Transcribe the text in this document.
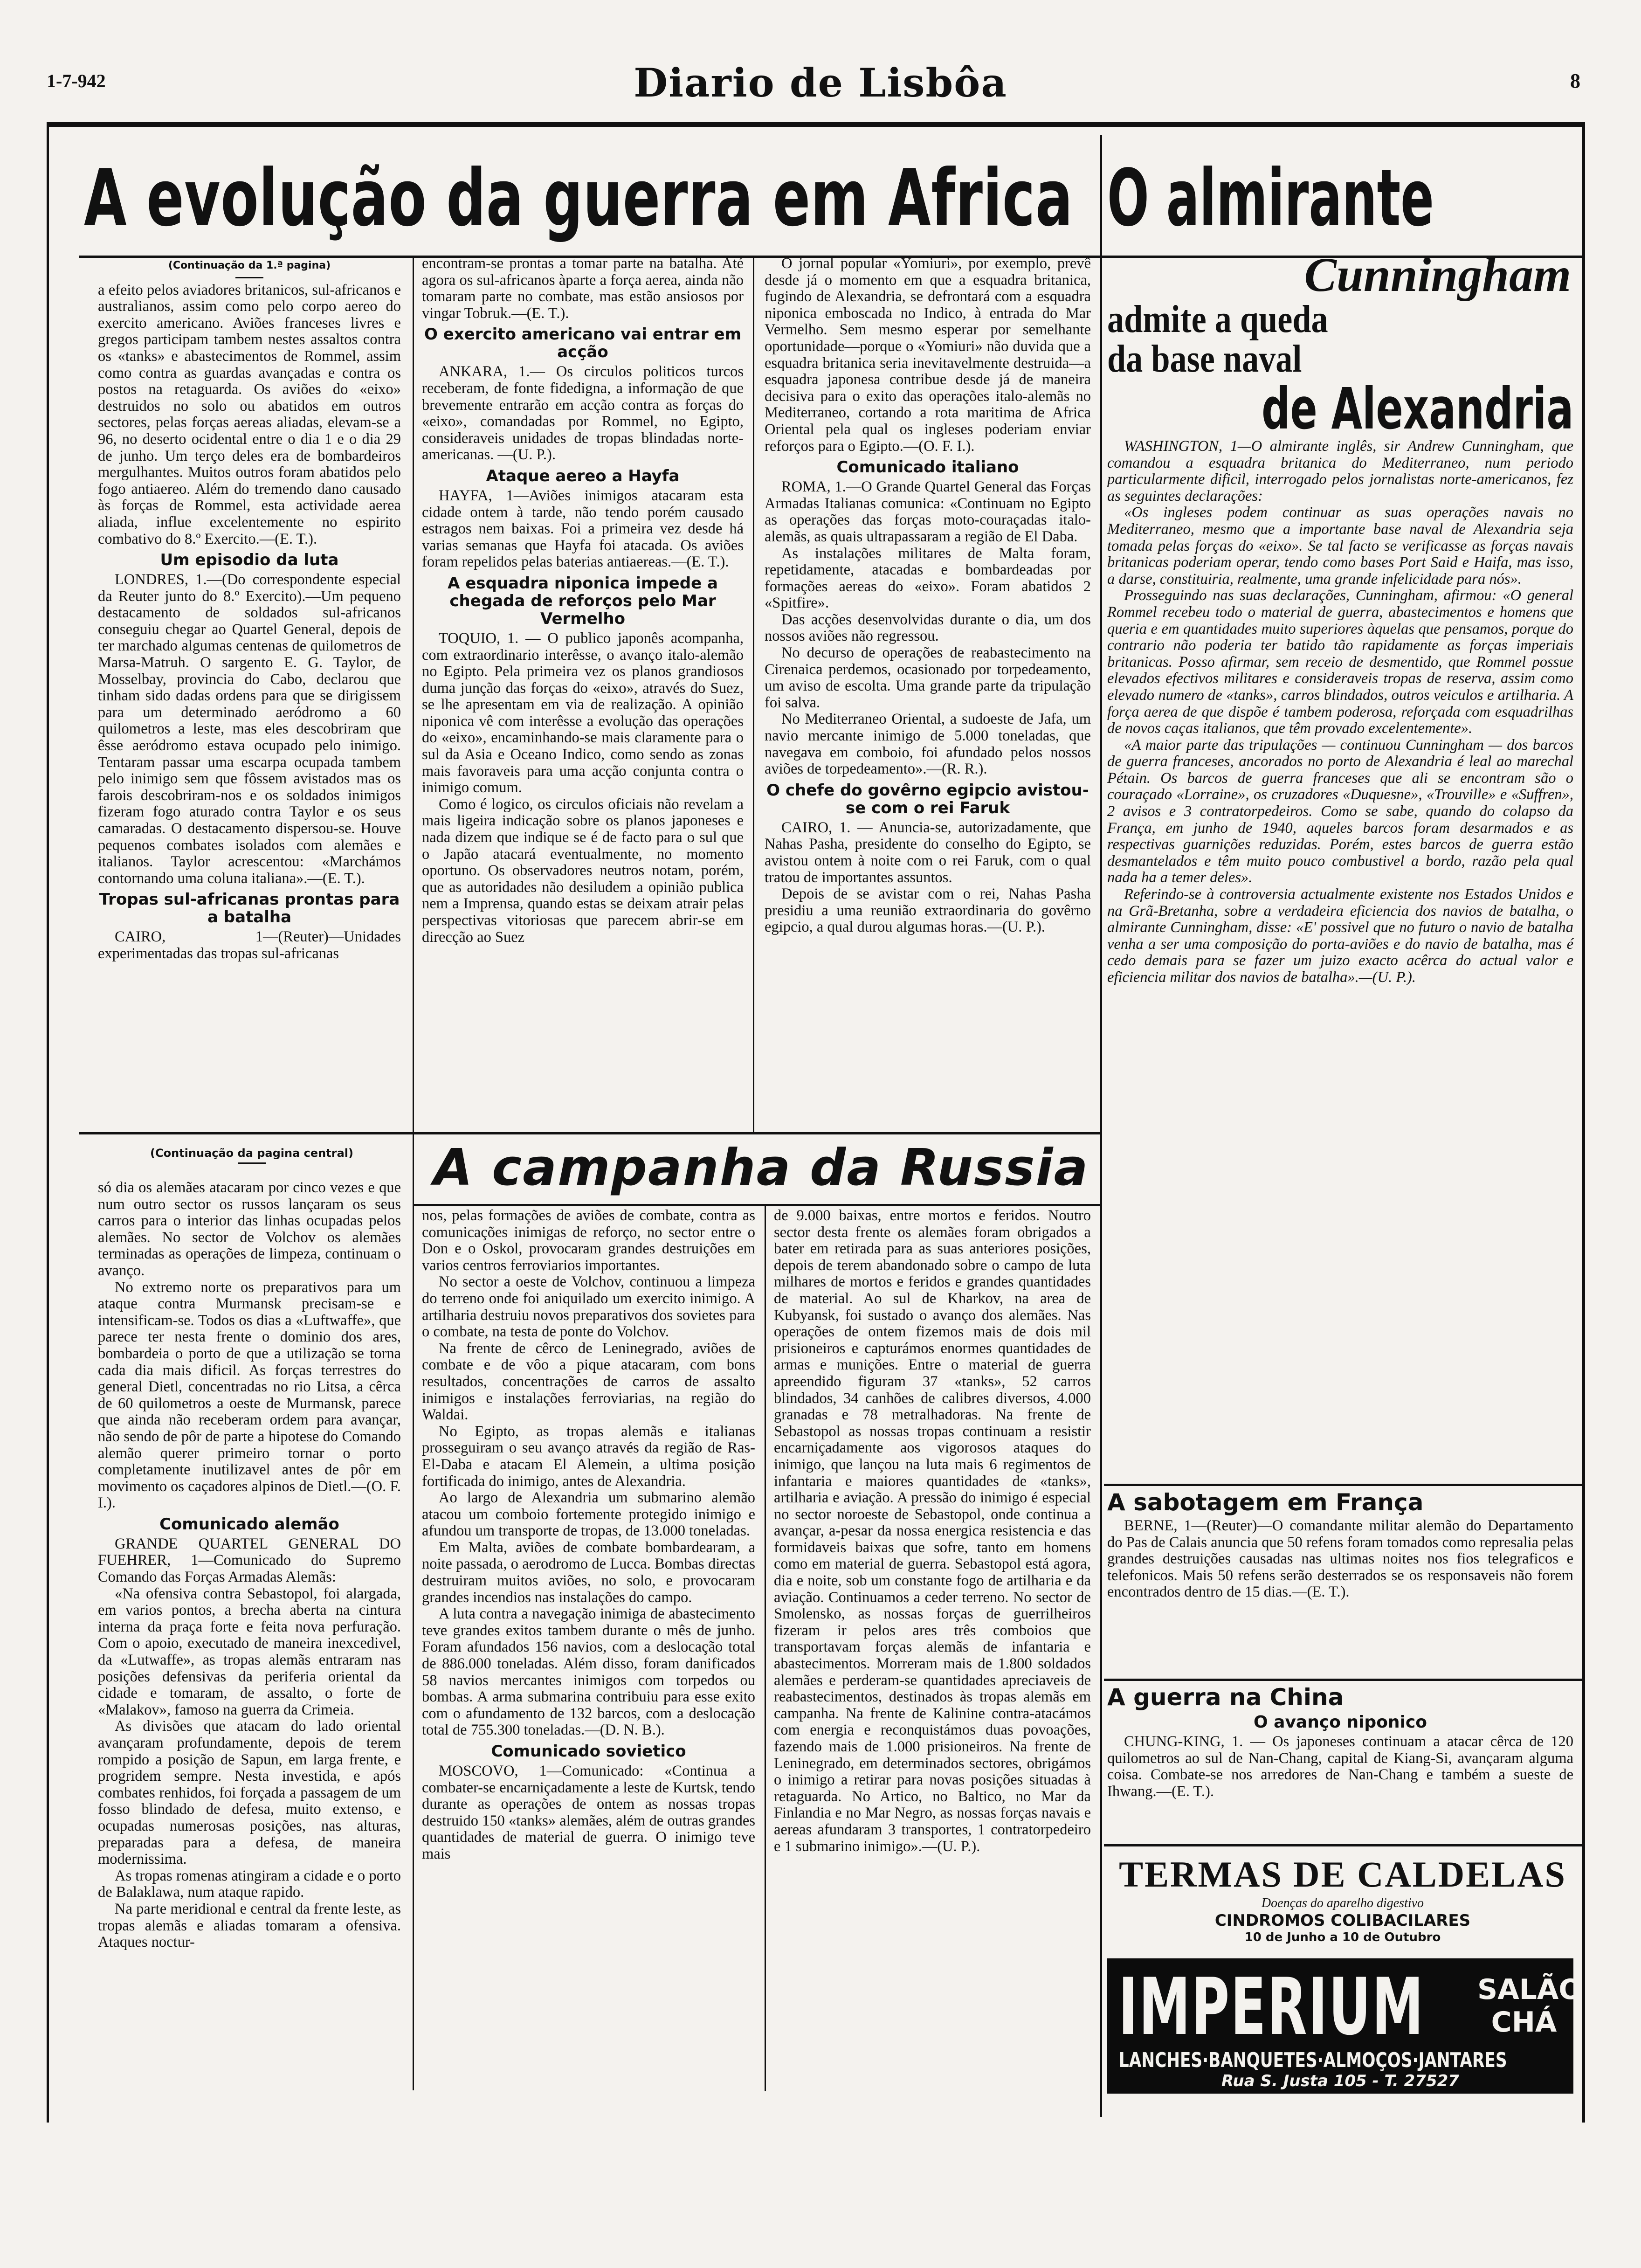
1-7-942	Diario de Lisbôa	8
A evolução da guerra em Africa
(Continuação da 1.ª pagina)

a efeito pelos aviadores britanicos, sul-africanos e australianos, assim como pelo corpo aereo do exercito americano. Aviões franceses livres e gregos participam tambem nestes assaltos contra os «tanks» e abastecimentos de Rommel, assim como contra as guardas avançadas e contra os postos na retaguarda. Os aviões do «eixo» destruidos no solo ou abatidos em outros sectores, pelas forças aereas aliadas, elevam-se a 96, no deserto ocidental entre o dia 1 e o dia 29 de junho. Um terço deles era de bombardeiros mergulhantes. Muitos outros foram abatidos pelo fogo antiaereo. Além do tremendo dano causado às forças de Rommel, esta actividade aerea aliada, influe excelentemente no espirito combativo do 8.º Exercito.—(E. T.).

Um episodio da luta

LONDRES, 1.—(Do correspondente especial da Reuter junto do 8.º Exercito).—Um pequeno destacamento de soldados sul-africanos conseguiu chegar ao Quartel General, depois de ter marchado algumas centenas de quilometros de Marsa-Matruh. O sargento E. G. Taylor, de Mosselbay, provincia do Cabo, declarou que tinham sido dadas ordens para que se dirigissem para um determinado aeródromo a 60 quilometros a leste, mas eles descobriram que êsse aeródromo estava ocupado pelo inimigo. Tentaram passar uma escarpa ocupada tambem pelo inimigo sem que fôssem avistados mas os farois descobriram-nos e os soldados inimigos fizeram fogo aturado contra Taylor e os seus camaradas. O destacamento dispersou-se. Houve pequenos combates isolados com alemães e italianos. Taylor acrescentou: «Marchámos contornando uma coluna italiana».—(E. T.).

Tropas sul-africanas prontas para a batalha

CAIRO, 1—(Reuter)—Unidades experimentadas das tropas sul-africanas

encontram-se prontas a tomar parte na batalha. Até agora os sul-africanos àparte a força aerea, ainda não tomaram parte no combate, mas estão ansiosos por vingar Tobruk.—(E. T.).

O exercito americano vai entrar em acção

ANKARA, 1.— Os circulos politicos turcos receberam, de fonte fidedigna, a informação de que brevemente entrarão em acção contra as forças do «eixo», comandadas por Rommel, no Egipto, consideraveis unidades de tropas blindadas norte-americanas. —(U. P.).

Ataque aereo a Hayfa

HAYFA, 1—Aviões inimigos atacaram esta cidade ontem à tarde, não tendo porém causado estragos nem baixas. Foi a primeira vez desde há varias semanas que Hayfa foi atacada. Os aviões foram repelidos pelas baterias antiaereas.—(E. T.).

A esquadra niponica impede a chegada de reforços pelo Mar Vermelho

TOQUIO, 1. — O publico japonês acompanha, com extraordinario interêsse, o avanço italo-alemão no Egipto. Pela primeira vez os planos grandiosos duma junção das forças do «eixo», através do Suez, se lhe apresentam em via de realização. A opinião niponica vê com interêsse a evolução das operações do «eixo», encaminhando-se mais claramente para o sul da Asia e Oceano Indico, como sendo as zonas mais favoraveis para uma acção conjunta contra o inimigo comum.

Como é logico, os circulos oficiais não revelam a mais ligeira indicação sobre os planos japoneses e nada dizem que indique se é de facto para o sul que o Japão atacará eventualmente, no momento oportuno. Os observadores neutros notam, porém, que as autoridades não desiludem a opinião publica nem a Imprensa, quando estas se deixam atrair pelas perspectivas vitoriosas que parecem abrir-se em direcção ao Suez

O jornal popular «Yomiuri», por exemplo, prevê desde já o momento em que a esquadra britanica, fugindo de Alexandria, se defrontará com a esquadra niponica emboscada no Indico, à entrada do Mar Vermelho. Sem mesmo esperar por semelhante oportunidade—porque o «Yomiuri» não duvida que a esquadra britanica seria inevitavelmente destruida—a esquadra japonesa contribue desde já de maneira decisiva para o exito das operações italo-alemãs no Mediterraneo, cortando a rota maritima de Africa Oriental pela qual os ingleses poderiam enviar reforços para o Egipto.—(O. F. I.).

Comunicado italiano

ROMA, 1.—O Grande Quartel General das Forças Armadas Italianas comunica: «Continuam no Egipto as operações das forças moto-couraçadas italo-alemãs, as quais ultrapassaram a região de El Daba.

As instalações militares de Malta foram, repetidamente, atacadas e bombardeadas por formações aereas do «eixo». Foram abatidos 2 «Spitfire».

Das acções desenvolvidas durante o dia, um dos nossos aviões não regressou.

No decurso de operações de reabastecimento na Cirenaica perdemos, ocasionado por torpedeamento, um aviso de escolta. Uma grande parte da tripulação foi salva.

No Mediterraneo Oriental, a sudoeste de Jafa, um navio mercante inimigo de 5.000 toneladas, que navegava em comboio, foi afundado pelos nossos aviões de torpedeamento».—(R. R.).

O chefe do govêrno egipcio avistou-se com o rei Faruk

CAIRO, 1. — Anuncia-se, autorizadamente, que Nahas Pasha, presidente do conselho do Egipto, se avistou ontem à noite com o rei Faruk, com o qual tratou de importantes assuntos.

Depois de se avistar com o rei, Nahas Pasha presidiu a uma reunião extraordinaria do govêrno egipcio, a qual durou algumas horas.—(U. P.).

(Continuação da pagina central)	A campanha da Russia

só dia os alemães atacaram por cinco vezes e que num outro sector os russos lançaram os seus carros para o interior das linhas ocupadas pelos alemães. No sector de Volchov os alemães terminadas as operações de limpeza, continuam o avanço.

No extremo norte os preparativos para um ataque contra Murmansk precisam-se e intensificam-se. Todos os dias a «Luftwaffe», que parece ter nesta frente o dominio dos ares, bombardeia o porto de que a utilização se torna cada dia mais dificil. As forças terrestres do general Dietl, concentradas no rio Litsa, a cêrca de 60 quilometros a oeste de Murmansk, parece que ainda não receberam ordem para avançar, não sendo de pôr de parte a hipotese do Comando alemão querer primeiro tornar o porto completamente inutilizavel antes de pôr em movimento os caçadores alpinos de Dietl.—(O. F. I.).

Comunicado alemão

GRANDE QUARTEL GENERAL DO FUEHRER, 1—Comunicado do Supremo Comando das Forças Armadas Alemãs:

«Na ofensiva contra Sebastopol, foi alargada, em varios pontos, a brecha aberta na cintura interna da praça forte e feita nova perfuração. Com o apoio, executado de maneira inexcedivel, da «Lutwaffe», as tropas alemãs entraram nas posições defensivas da periferia oriental da cidade e tomaram, de assalto, o forte de «Malakov», famoso na guerra da Crimeia.

As divisões que atacam do lado oriental avançaram profundamente, depois de terem rompido a posição de Sapun, em larga frente, e progridem sempre. Nesta investida, e após combates renhidos, foi forçada a passagem de um fosso blindado de defesa, muito extenso, e ocupadas numerosas posições, nas alturas, preparadas para a defesa, de maneira modernissima.

As tropas romenas atingiram a cidade e o porto de Balaklawa, num ataque rapido.

Na parte meridional e central da frente leste, as tropas alemãs e aliadas tomaram a ofensiva. Ataques noctur-

nos, pelas formações de aviões de combate, contra as comunicações inimigas de reforço, no sector entre o Don e o Oskol, provocaram grandes destruições em varios centros ferroviarios importantes.

No sector a oeste de Volchov, continuou a limpeza do terreno onde foi aniquilado um exercito inimigo. A artilharia destruiu novos preparativos dos sovietes para o combate, na testa de ponte do Volchov.

Na frente de cêrco de Leninegrado, aviões de combate e de vôo a pique atacaram, com bons resultados, concentrações de carros de assalto inimigos e instalações ferroviarias, na região do Waldai.

No Egipto, as tropas alemãs e italianas prosseguiram o seu avanço através da região de Ras-El-Daba e atacam El Alemein, a ultima posição fortificada do inimigo, antes de Alexandria.

Ao largo de Alexandria um submarino alemão atacou um comboio fortemente protegido inimigo e afundou um transporte de tropas, de 13.000 toneladas.

Em Malta, aviões de combate bombardearam, a noite passada, o aerodromo de Lucca. Bombas directas destruiram muitos aviões, no solo, e provocaram grandes incendios nas instalações do campo.

A luta contra a navegação inimiga de abastecimento teve grandes exitos tambem durante o mês de junho. Foram afundados 156 navios, com a deslocação total de 886.000 toneladas. Além disso, foram danificados 58 navios mercantes inimigos com torpedos ou bombas. A arma submarina contribuiu para esse exito com o afundamento de 132 barcos, com a deslocação total de 755.300 toneladas.—(D. N. B.).

Comunicado sovietico

MOSCOVO, 1—Comunicado: «Continua a combater-se encarniçadamente a leste de Kurtsk, tendo durante as operações de ontem as nossas tropas destruido 150 «tanks» alemães, além de outras grandes quantidades de material de guerra. O inimigo teve mais

de 9.000 baixas, entre mortos e feridos. Noutro sector desta frente os alemães foram obrigados a bater em retirada para as suas anteriores posições, depois de terem abandonado sobre o campo de luta milhares de mortos e feridos e grandes quantidades de material. Ao sul de Kharkov, na area de Kubyansk, foi sustado o avanço dos alemães. Nas operações de ontem fizemos mais de dois mil prisioneiros e capturámos enormes quantidades de armas e munições. Entre o material de guerra apreendido figuram 37 «tanks», 52 carros blindados, 34 canhões de calibres diversos, 4.000 granadas e 78 metralhadoras. Na frente de Sebastopol as nossas tropas continuam a resistir encarniçadamente aos vigorosos ataques do inimigo, que lançou na luta mais 6 regimentos de infantaria e maiores quantidades de «tanks», artilharia e aviação. A pressão do inimigo é especial no sector noroeste de Sebastopol, onde continua a avançar, a-pesar da nossa energica resistencia e das formidaveis baixas que sofre, tanto em homens como em material de guerra. Sebastopol está agora, dia e noite, sob um constante fogo de artilharia e da aviação. Continuamos a ceder terreno. No sector de Smolensko, as nossas forças de guerrilheiros fizeram ir pelos ares três comboios que transportavam forças alemãs de infantaria e abastecimentos. Morreram mais de 1.800 soldados alemães e perderam-se quantidades apreciaveis de reabastecimentos, destinados às tropas alemãs em campanha. Na frente de Kalinine contra-atacámos com energia e reconquistámos duas povoações, fazendo mais de 1.000 prisioneiros. Na frente de Leninegrado, em determinados sectores, obrigámos o inimigo a retirar para novas posições situadas à retaguarda. No Artico, no Baltico, no Mar da Finlandia e no Mar Negro, as nossas forças navais e aereas afundaram 3 transportes, 1 contratorpedeiro e 1 submarino inimigo».—(U. P.).

O almirante
Cunningham
admite a queda
da base naval
de Alexandria

WASHINGTON, 1—O almirante inglês, sir Andrew Cunningham, que comandou a esquadra britanica do Mediterraneo, num periodo particularmente dificil, interrogado pelos jornalistas norte-americanos, fez as seguintes declarações:

«Os ingleses podem continuar as suas operações navais no Mediterraneo, mesmo que a importante base naval de Alexandria seja tomada pelas forças do «eixo». Se tal facto se verificasse as forças navais britanicas poderiam operar, tendo como bases Port Said e Haifa, mas isso, a darse, constituiria, realmente, uma grande infelicidade para nós».

Prosseguindo nas suas declarações, Cunningham, afirmou: «O general Rommel recebeu todo o material de guerra, abastecimentos e homens que queria e em quantidades muito superiores àquelas que pensamos, porque do contrario não poderia ter batido tão rapidamente as forças imperiais britanicas. Posso afirmar, sem receio de desmentido, que Rommel possue elevados efectivos militares e consideraveis tropas de reserva, assim como elevado numero de «tanks», carros blindados, outros veiculos e artilharia. A força aerea de que dispõe é tambem poderosa, reforçada com esquadrilhas de novos caças italianos, que têm provado excelentemente».

«A maior parte das tripulações — continuou Cunningham — dos barcos de guerra franceses, ancorados no porto de Alexandria é leal ao marechal Pétain. Os barcos de guerra franceses que ali se encontram são o couraçado «Lorraine», os cruzadores «Duquesne», «Trouville» e «Suffren», 2 avisos e 3 contratorpedeiros. Como se sabe, quando do colapso da França, em junho de 1940, aqueles barcos foram desarmados e as respectivas guarnições reduzidas. Porém, estes barcos de guerra estão desmantelados e têm muito pouco combustivel a bordo, razão pela qual nada ha a temer deles».

Referindo-se à controversia actualmente existente nos Estados Unidos e na Grã-Bretanha, sobre a verdadeira eficiencia dos navios de batalha, o almirante Cunningham, disse: «E' possivel que no futuro o navio de batalha venha a ser uma composição do porta-aviões e do navio de batalha, mas é cedo demais para se fazer um juizo exacto acêrca do actual valor e eficiencia militar dos navios de batalha».—(U. P.).

A sabotagem em França

BERNE, 1—(Reuter)—O comandante militar alemão do Departamento do Pas de Calais anuncia que 50 refens foram tomados como represalia pelas grandes destruições causadas nas ultimas noites nos fios telegraficos e telefonicos. Mais 50 refens serão desterrados se os responsaveis não forem encontrados dentro de 15 dias.—(E. T.).

A guerra na China
O avanço niponico

CHUNG-KING, 1. — Os japoneses continuam a atacar cêrca de 120 quilometros ao sul de Nan-Chang, capital de Kiang-Si, avançaram alguma coisa. Combate-se nos arredores de Nan-Chang e também a sueste de Ihwang.—(E. T.).

TERMAS DE CALDELAS
Doenças do aparelho digestivo
CINDROMOS COLIBACILARES
10 de Junho a 10 de Outubro
IMPERIUM SALÃO
CHÁ
LANCHES·BANQUETES·ALMOÇOS·JANTARES
Rua S. Justa 105 - T. 27527
